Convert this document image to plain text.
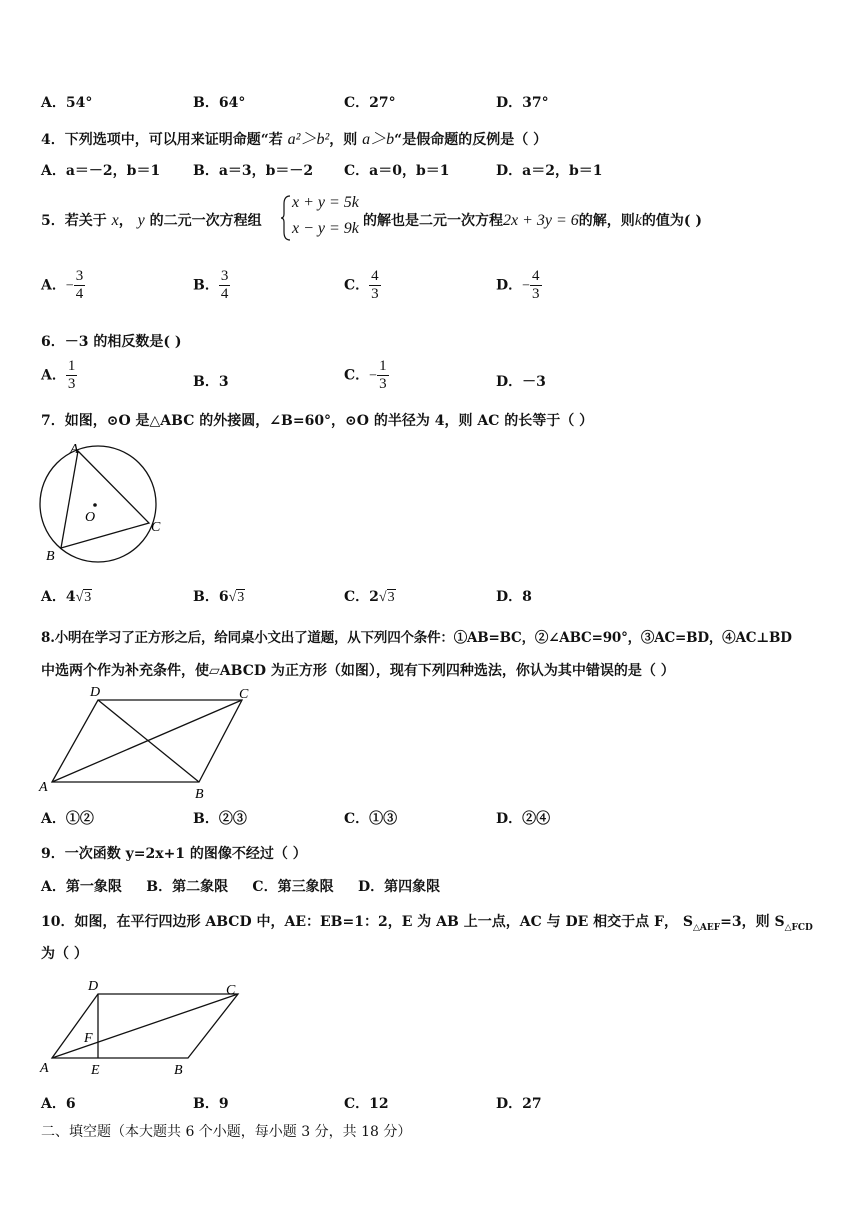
A．54°	B．64°	C．27°	D．37°
4．下列选项中，可以用来证明命题“若 a²＞b²，则 a＞b“是假命题的反例是（ ）
A．a＝－2，b＝1 B．a＝3，b＝－2 C．a＝0，b＝1	D．a＝2，b＝1
5．若关于 x， y 的二元一次方程组
x + y = 5k
x − y = 9k 的解也是二元一次方程2x + 3y = 6的解，则k的值为( )
A．− $\frac{3}{4}$	B． $\frac{3}{4}$	C． $\frac{4}{3}$	D．− $\frac{4}{3}$
6．－3 的相反数是( )
A． $\frac{1}{3}$	B．3	C．− $\frac{1}{3}$	D．－3
7．如图，⊙O 是△ABC 的外接圆，∠B=60°，⊙O 的半径为 4，则 AC 的长等于（ ）
A
B
C
O
A．4√3	B．6√3	C．2√3	D．8
8.小明在学习了正方形之后，给同桌小文出了道题，从下列四个条件：①AB=BC，②∠ABC=90°，③AC=BD，④AC⊥BD
中选两个作为补充条件，使▱ABCD 为正方形（如图），现有下列四种选法，你认为其中错误的是（ ）
D	C
A	B
A．①②	B．②③	C．①③	D．②④
9．一次函数 y=2x+1 的图像不经过（ ）
A．第一象限     B．第二象限     C．第三象限     D．第四象限
10．如图，在平行四边形 ABCD 中，AE：EB=1：2，E 为 AB 上一点，AC 与 DE 相交于点 F， $S_{\triangle AEF}=3$，则 $S_{\triangle FCD}$
为（ ）
D	C
A	E	B
F
A．6	B．9	C．12	D．27
二、填空题（本大题共 6 个小题，每小题 3 分，共 18 分）
